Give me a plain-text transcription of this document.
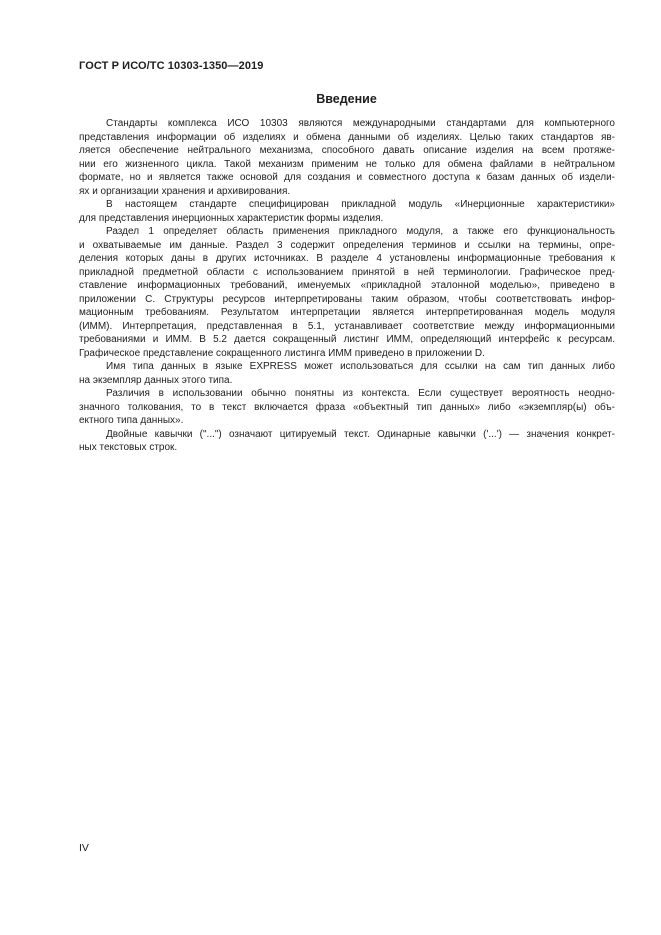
ГОСТ Р ИСО/ТС 10303-1350—2019
Введение
Стандарты комплекса ИСО 10303 являются международными стандартами для компьютерного
представления информации об изделиях и обмена данными об изделиях. Целью таких стандартов яв-
ляется обеспечение нейтрального механизма, способного давать описание изделия на всем протяже-
нии его жизненного цикла. Такой механизм применим не только для обмена файлами в нейтральном
формате, но и является также основой для создания и совместного доступа к базам данных об издели-
ях и организации хранения и архивирования.
В настоящем стандарте специфицирован прикладной модуль «Инерционные характеристики»
для представления инерционных характеристик формы изделия.
Раздел 1 определяет область применения прикладного модуля, а также его функциональность
и охватываемые им данные. Раздел 3 содержит определения терминов и ссылки на термины, опре-
деления которых даны в других источниках. В разделе 4 установлены информационные требования к
прикладной предметной области с использованием принятой в ней терминологии. Графическое пред-
ставление информационных требований, именуемых «прикладной эталонной моделью», приведено в
приложении С. Структуры ресурсов интерпретированы таким образом, чтобы соответствовать инфор-
мационным требованиям. Результатом интерпретации является интерпретированная модель модуля
(ИММ). Интерпретация, представленная в 5.1, устанавливает соответствие между информационными
требованиями и ИММ. В 5.2 дается сокращенный листинг ИММ, определяющий интерфейс к ресурсам.
Графическое представление сокращенного листинга ИММ приведено в приложении D.
Имя типа данных в языке EXPRESS может использоваться для ссылки на сам тип данных либо
на экземпляр данных этого типа.
Различия в использовании обычно понятны из контекста. Если существует вероятность неодно-
значного толкования, то в текст включается фраза «объектный тип данных» либо «экземпляр(ы) объ-
ектного типа данных».
Двойные кавычки ("...") означают цитируемый текст. Одинарные кавычки ('...') — значения конкрет-
ных текстовых строк.
IV
